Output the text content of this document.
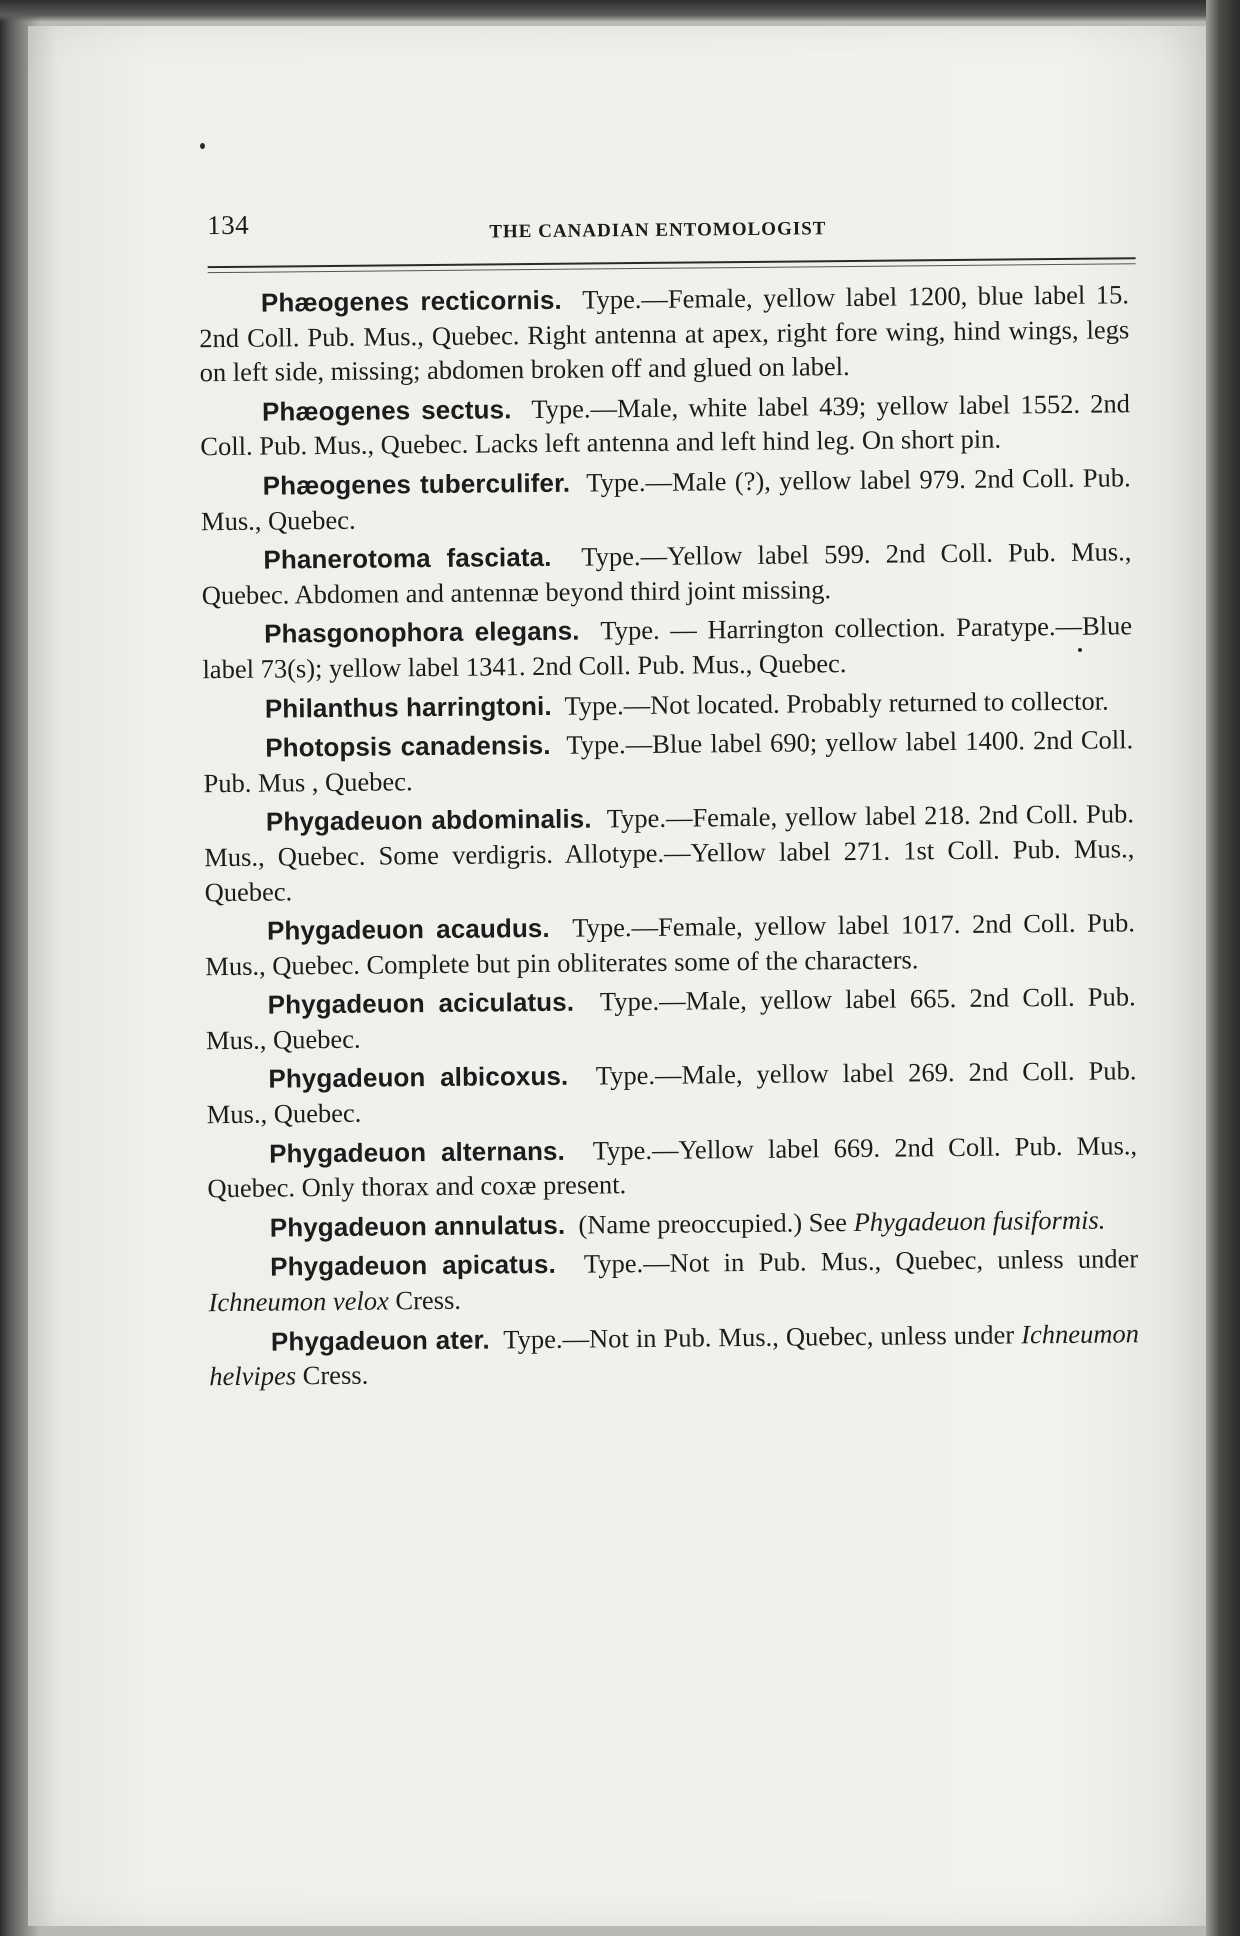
134	THE CANADIAN ENTOMOLOGIST

Phæogenes recticornis. Type.—Female, yellow label 1200, blue label 15. 2nd Coll. Pub. Mus., Quebec. Right antenna at apex, right fore wing, hind wings, legs on left side, missing; abdomen broken off and glued on label.

Phæogenes sectus. Type.—Male, white label 439; yellow label 1552. 2nd Coll. Pub. Mus., Quebec. Lacks left antenna and left hind leg. On short pin.

Phæogenes tuberculifer. Type.—Male (?), yellow label 979. 2nd Coll. Pub. Mus., Quebec.

Phanerotoma fasciata. Type.—Yellow label 599. 2nd Coll. Pub. Mus., Quebec. Abdomen and antennæ beyond third joint missing.

Phasgonophora elegans. Type. — Harrington collection. Paratype.—Blue label 73(s); yellow label 1341. 2nd Coll. Pub. Mus., Quebec.

Philanthus harringtoni. Type.—Not located. Probably returned to collector.

Photopsis canadensis. Type.—Blue label 690; yellow label 1400. 2nd Coll. Pub. Mus , Quebec.

Phygadeuon abdominalis. Type.—Female, yellow label 218. 2nd Coll. Pub. Mus., Quebec. Some verdigris. Allotype.—Yellow label 271. 1st Coll. Pub. Mus., Quebec.

Phygadeuon acaudus. Type.—Female, yellow label 1017. 2nd Coll. Pub. Mus., Quebec. Complete but pin obliterates some of the characters.

Phygadeuon aciculatus. Type.—Male, yellow label 665. 2nd Coll. Pub. Mus., Quebec.

Phygadeuon albicoxus. Type.—Male, yellow label 269. 2nd Coll. Pub. Mus., Quebec.

Phygadeuon alternans. Type.—Yellow label 669. 2nd Coll. Pub. Mus., Quebec. Only thorax and coxæ present.

Phygadeuon annulatus. (Name preoccupied.) See Phygadeuon fusiformis.

Phygadeuon apicatus. Type.—Not in Pub. Mus., Quebec, unless under Ichneumon velox Cress.

Phygadeuon ater. Type.—Not in Pub. Mus., Quebec, unless under Ichneumon helvipes Cress.
